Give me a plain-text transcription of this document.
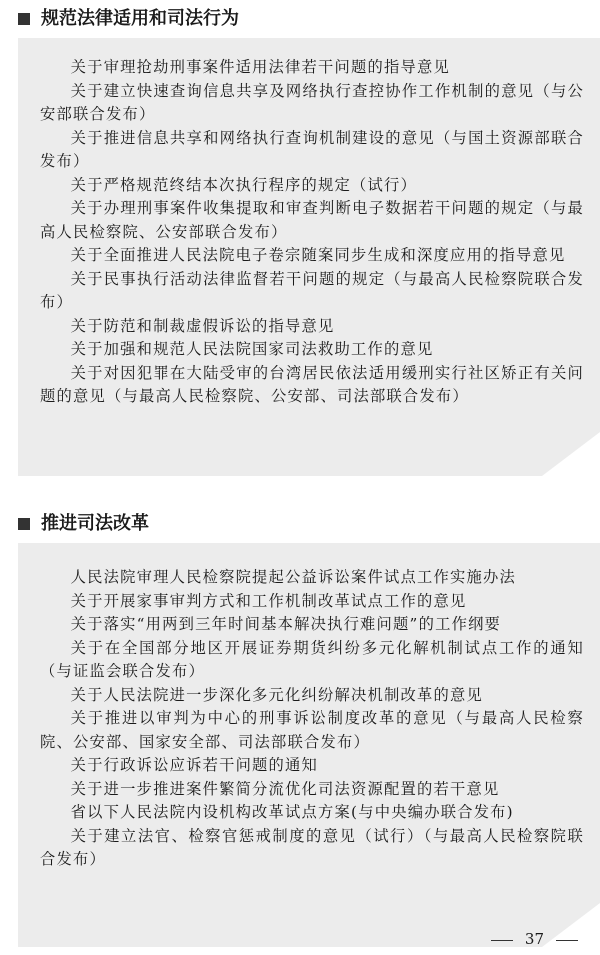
规范法律适用和司法行为
关于审理抢劫刑事案件适用法律若干问题的指导意见
关于建立快速查询信息共享及网络执行查控协作工作机制的意见（与公安部联合发布）
关于推进信息共享和网络执行查询机制建设的意见（与国土资源部联合发布）
关于严格规范终结本次执行程序的规定（试行）
关于办理刑事案件收集提取和审查判断电子数据若干问题的规定（与最高人民检察院、公安部联合发布）
关于全面推进人民法院电子卷宗随案同步生成和深度应用的指导意见
关于民事执行活动法律监督若干问题的规定（与最高人民检察院联合发布）
关于防范和制裁虚假诉讼的指导意见
关于加强和规范人民法院国家司法救助工作的意见
关于对因犯罪在大陆受审的台湾居民依法适用缓刑实行社区矫正有关问题的意见（与最高人民检察院、公安部、司法部联合发布）
推进司法改革
人民法院审理人民检察院提起公益诉讼案件试点工作实施办法
关于开展家事审判方式和工作机制改革试点工作的意见
关于落实“用两到三年时间基本解决执行难问题”的工作纲要
关于在全国部分地区开展证券期货纠纷多元化解机制试点工作的通知（与证监会联合发布）
关于人民法院进一步深化多元化纠纷解决机制改革的意见
关于推进以审判为中心的刑事诉讼制度改革的意见（与最高人民检察院、公安部、国家安全部、司法部联合发布）
关于行政诉讼应诉若干问题的通知
关于进一步推进案件繁简分流优化司法资源配置的若干意见
省以下人民法院内设机构改革试点方案(与中央编办联合发布)
关于建立法官、检察官惩戒制度的意见（试行）（与最高人民检察院联合发布）
37
